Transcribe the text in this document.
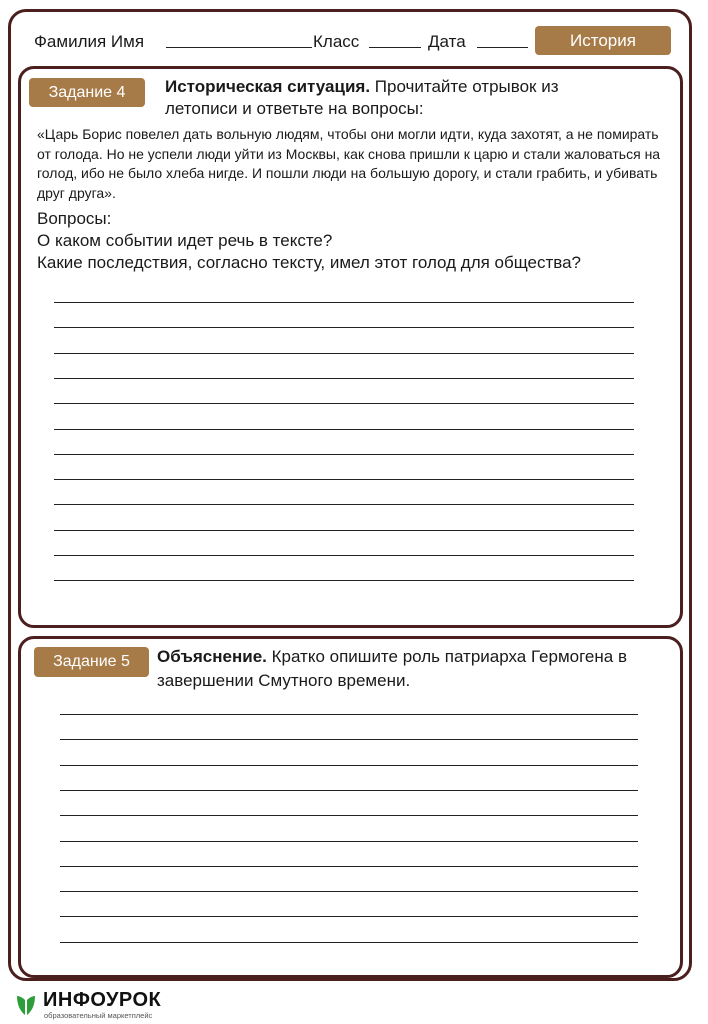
Фамилия Имя	Класс	Дата	История
Задание 4	Историческая ситуация. Прочитайте отрывок из
летописи и ответьте на вопросы:
«Царь Борис повелел дать вольную людям, чтобы они могли идти, куда захотят, а не помирать от голода. Но не успели люди уйти из Москвы, как снова пришли к царю и стали жаловаться на голод, ибо не было хлеба нигде. И пошли люди на большую дорогу, и стали грабить, и убивать друг друга».
Вопросы:
О каком событии идет речь в тексте?
Какие последствия, согласно тексту, имел этот голод для общества?
Задание 5	Объяснение. Кратко опишите роль патриарха Гермогена в
завершении Смутного времени.
ИНФОУРОК
образовательный маркетплейс
